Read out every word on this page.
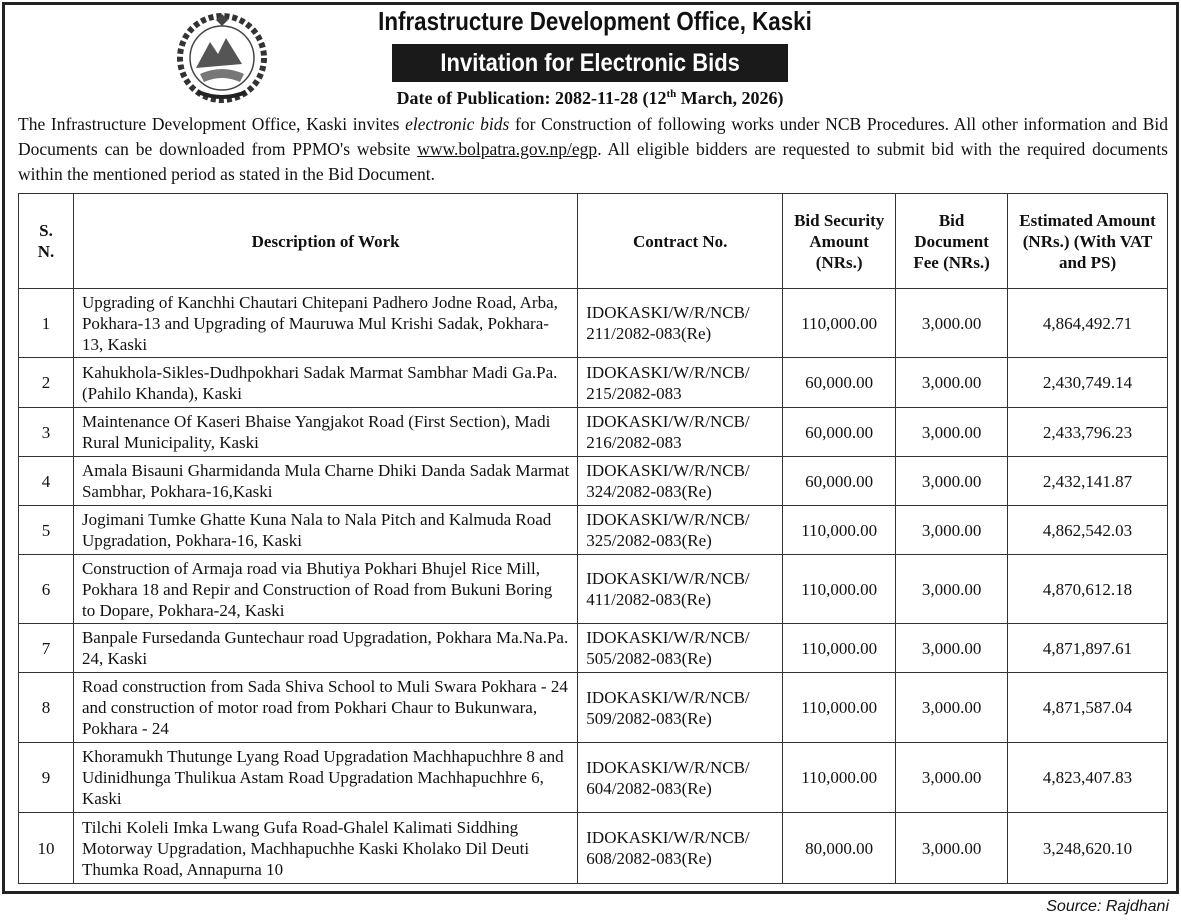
Infrastructure Development Office, Kaski
Invitation for Electronic Bids
Date of Publication: 2082-11-28 (12th March, 2026)
The Infrastructure Development Office, Kaski invites electronic bids for Construction of following works under NCB Procedures. All other information and Bid Documents can be downloaded from PPMO's website www.bolpatra.gov.np/egp. All eligible bidders are requested to submit bid with the required documents within the mentioned period as stated in the Bid Document.
S. N.	Description of Work	Contract No.	Bid Security Amount (NRs.)	Bid Document Fee (NRs.)	Estimated Amount (NRs.) (With VAT and PS)
1	Upgrading of Kanchhi Chautari Chitepani Padhero Jodne Road, Arba, Pokhara-13 and Upgrading of Mauruwa Mul Krishi Sadak, Pokhara-13, Kaski	IDOKASKI/W/R/NCB/ 211/2082-083(Re)	110,000.00	3,000.00	4,864,492.71
2	Kahukhola-Sikles-Dudhpokhari Sadak Marmat Sambhar Madi Ga.Pa. (Pahilo Khanda), Kaski	IDOKASKI/W/R/NCB/ 215/2082-083	60,000.00	3,000.00	2,430,749.14
3	Maintenance Of Kaseri Bhaise Yangjakot Road (First Section), Madi Rural Municipality, Kaski	IDOKASKI/W/R/NCB/ 216/2082-083	60,000.00	3,000.00	2,433,796.23
4	Amala Bisauni Gharmidanda Mula Charne Dhiki Danda Sadak Marmat Sambhar, Pokhara-16,Kaski	IDOKASKI/W/R/NCB/ 324/2082-083(Re)	60,000.00	3,000.00	2,432,141.87
5	Jogimani Tumke Ghatte Kuna Nala to Nala Pitch and Kalmuda Road Upgradation, Pokhara-16, Kaski	IDOKASKI/W/R/NCB/ 325/2082-083(Re)	110,000.00	3,000.00	4,862,542.03
6	Construction of Armaja road via Bhutiya Pokhari Bhujel Rice Mill, Pokhara 18 and Repir and Construction of Road from Bukuni Boring to Dopare, Pokhara-24, Kaski	IDOKASKI/W/R/NCB/ 411/2082-083(Re)	110,000.00	3,000.00	4,870,612.18
7	Banpale Fursedanda Guntechaur road Upgradation, Pokhara Ma.Na.Pa. 24, Kaski	IDOKASKI/W/R/NCB/ 505/2082-083(Re)	110,000.00	3,000.00	4,871,897.61
8	Road construction from Sada Shiva School to Muli Swara Pokhara - 24 and construction of motor road from Pokhari Chaur to Bukunwara, Pokhara - 24	IDOKASKI/W/R/NCB/ 509/2082-083(Re)	110,000.00	3,000.00	4,871,587.04
9	Khoramukh Thutunge Lyang Road Upgradation Machhapuchhre 8 and Udinidhunga Thulikua Astam Road Upgradation Machhapuchhre 6, Kaski	IDOKASKI/W/R/NCB/ 604/2082-083(Re)	110,000.00	3,000.00	4,823,407.83
10	Tilchi Koleli Imka Lwang Gufa Road-Ghalel Kalimati Siddhing Motorway Upgradation, Machhapuchhe Kaski Kholako Dil Deuti Thumka Road, Annapurna 10	IDOKASKI/W/R/NCB/ 608/2082-083(Re)	80,000.00	3,000.00	3,248,620.10
Source: Rajdhani
